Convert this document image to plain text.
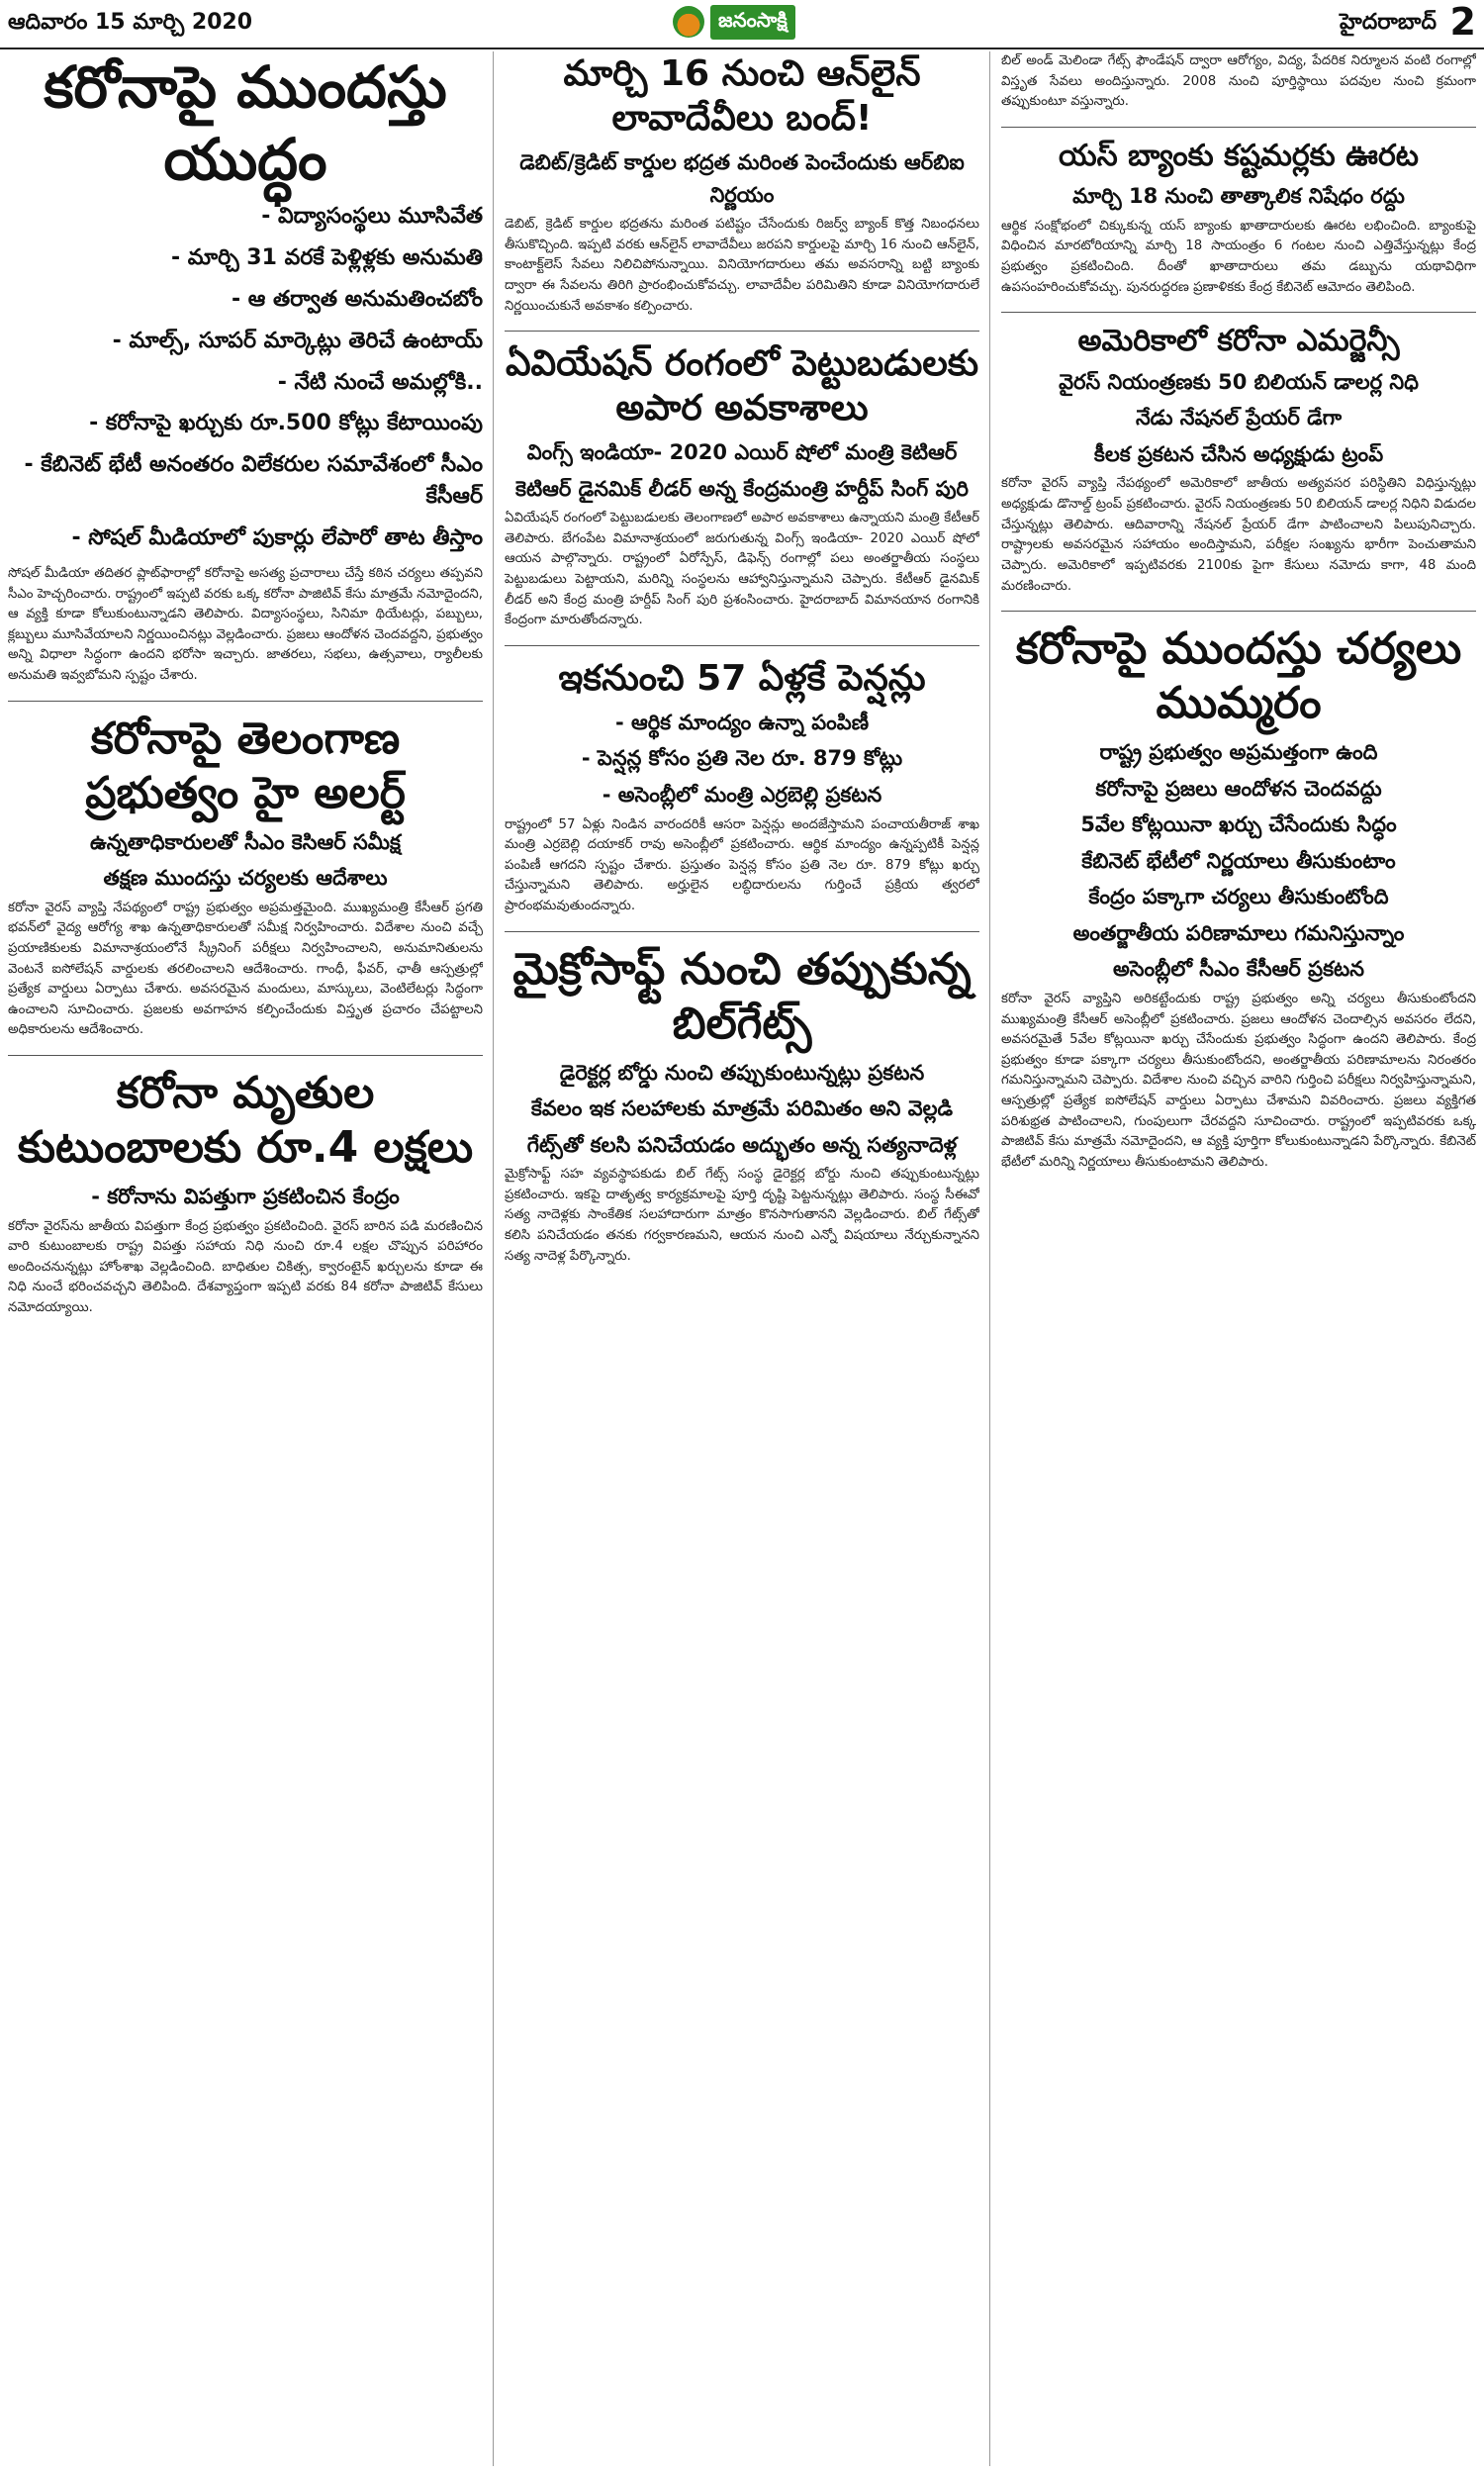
ఆదివారం 15 మార్చి 2020	జనంసాక్షి	హైదరాబాద్ 2
కరోనాపై ముందస్తు యుద్ధం

- విద్యాసంస్థలు మూసివేత

- మార్చి 31 వరకే పెళ్లిళ్లకు అనుమతి

- ఆ తర్వాత అనుమతించబోం

- మాల్స్, సూపర్ మార్కెట్లు తెరిచే ఉంటాయ్

- నేటి నుంచే అమల్లోకి..

- కరోనాపై ఖర్చుకు రూ.500 కోట్లు కేటాయింపు

- కేబినెట్ భేటీ అనంతరం విలేకరుల సమావేశంలో సీఎం కేసీఆర్

- సోషల్ మీడియాలో పుకార్లు లేపారో తాట తీస్తాం

సోషల్ మీడియా తదితర ప్లాట్‌ఫారాల్లో కరోనాపై అసత్య ప్రచారాలు చేస్తే కఠిన చర్యలు తప్పవని సీఎం హెచ్చరించారు. రాష్ట్రంలో ఇప్పటి వరకు ఒక్క కరోనా పాజిటివ్ కేసు మాత్రమే నమోదైందని, ఆ వ్యక్తి కూడా కోలుకుంటున్నాడని తెలిపారు. విద్యాసంస్థలు, సినిమా థియేటర్లు, పబ్బులు, క్లబ్బులు మూసివేయాలని నిర్ణయించినట్లు వెల్లడించారు. ప్రజలు ఆందోళన చెందవద్దని, ప్రభుత్వం అన్ని విధాలా సిద్ధంగా ఉందని భరోసా ఇచ్చారు. జాతరలు, సభలు, ఉత్సవాలు, ర్యాలీలకు అనుమతి ఇవ్వబోమని స్పష్టం చేశారు.

కరోనాపై తెలంగాణ ప్రభుత్వం హై అలర్ట్

ఉన్నతాధికారులతో సీఎం కెసిఆర్ సమీక్ష

తక్షణ ముందస్తు చర్యలకు ఆదేశాలు

కరోనా వైరస్ వ్యాప్తి నేపథ్యంలో రాష్ట్ర ప్రభుత్వం అప్రమత్తమైంది. ముఖ్యమంత్రి కేసీఆర్ ప్రగతి భవన్‌లో వైద్య ఆరోగ్య శాఖ ఉన్నతాధికారులతో సమీక్ష నిర్వహించారు. విదేశాల నుంచి వచ్చే ప్రయాణికులకు విమానాశ్రయంలోనే స్క్రీనింగ్ పరీక్షలు నిర్వహించాలని, అనుమానితులను వెంటనే ఐసోలేషన్ వార్డులకు తరలించాలని ఆదేశించారు. గాంధీ, ఫీవర్, ఛాతీ ఆస్పత్రుల్లో ప్రత్యేక వార్డులు ఏర్పాటు చేశారు. అవసరమైన మందులు, మాస్కులు, వెంటిలేటర్లు సిద్ధంగా ఉంచాలని సూచించారు. ప్రజలకు అవగాహన కల్పించేందుకు విస్తృత ప్రచారం చేపట్టాలని అధికారులను ఆదేశించారు.

కరోనా మృతుల కుటుంబాలకు రూ.4 లక్షలు

- కరోనాను విపత్తుగా ప్రకటించిన కేంద్రం

కరోనా వైరస్‌ను జాతీయ విపత్తుగా కేంద్ర ప్రభుత్వం ప్రకటించింది. వైరస్ బారిన పడి మరణించిన వారి కుటుంబాలకు రాష్ట్ర విపత్తు సహాయ నిధి నుంచి రూ.4 లక్షల చొప్పున పరిహారం అందించనున్నట్లు హోంశాఖ వెల్లడించింది. బాధితుల చికిత్స, క్వారంటైన్ ఖర్చులను కూడా ఈ నిధి నుంచే భరించవచ్చని తెలిపింది. దేశవ్యాప్తంగా ఇప్పటి వరకు 84 కరోనా పాజిటివ్ కేసులు నమోదయ్యాయి.

మార్చి 16 నుంచి ఆన్‌లైన్ లావాదేవీలు బంద్!

డెబిట్/క్రెడిట్ కార్డుల భద్రత మరింత పెంచేందుకు ఆర్‌బిఐ నిర్ణయం

డెబిట్, క్రెడిట్ కార్డుల భద్రతను మరింత పటిష్టం చేసేందుకు రిజర్వ్ బ్యాంక్ కొత్త నిబంధనలు తీసుకొచ్చింది. ఇప్పటి వరకు ఆన్‌లైన్ లావాదేవీలు జరపని కార్డులపై మార్చి 16 నుంచి ఆన్‌లైన్, కాంటాక్ట్‌లెస్ సేవలు నిలిచిపోనున్నాయి. వినియోగదారులు తమ అవసరాన్ని బట్టి బ్యాంకు ద్వారా ఈ సేవలను తిరిగి ప్రారంభించుకోవచ్చు. లావాదేవీల పరిమితిని కూడా వినియోగదారులే నిర్ణయించుకునే అవకాశం కల్పించారు.

ఏవియేషన్ రంగంలో పెట్టుబడులకు అపార అవకాశాలు

వింగ్స్ ఇండియా- 2020 ఎయిర్ షోలో మంత్రి కెటిఆర్

కెటిఆర్ డైనమిక్ లీడర్ అన్న కేంద్రమంత్రి హర్దీప్ సింగ్ పురి

ఏవియేషన్ రంగంలో పెట్టుబడులకు తెలంగాణలో అపార అవకాశాలు ఉన్నాయని మంత్రి కేటీఆర్ తెలిపారు. బేగంపేట విమానాశ్రయంలో జరుగుతున్న వింగ్స్ ఇండియా- 2020 ఎయిర్ షోలో ఆయన పాల్గొన్నారు. రాష్ట్రంలో ఏరోస్పేస్, డిఫెన్స్ రంగాల్లో పలు అంతర్జాతీయ సంస్థలు పెట్టుబడులు పెట్టాయని, మరిన్ని సంస్థలను ఆహ్వానిస్తున్నామని చెప్పారు. కేటీఆర్ డైనమిక్ లీడర్ అని కేంద్ర మంత్రి హర్దీప్ సింగ్ పురి ప్రశంసించారు. హైదరాబాద్ విమానయాన రంగానికి కేంద్రంగా మారుతోందన్నారు.

ఇకనుంచి 57 ఏళ్లకే పెన్షన్లు

- ఆర్థిక మాంద్యం ఉన్నా పంపిణీ

- పెన్షన్ల కోసం ప్రతి నెల రూ. 879 కోట్లు

- అసెంబ్లీలో మంత్రి ఎర్రబెల్లి ప్రకటన

రాష్ట్రంలో 57 ఏళ్లు నిండిన వారందరికీ ఆసరా పెన్షన్లు అందజేస్తామని పంచాయతీరాజ్ శాఖ మంత్రి ఎర్రబెల్లి దయాకర్ రావు అసెంబ్లీలో ప్రకటించారు. ఆర్థిక మాంద్యం ఉన్నప్పటికీ పెన్షన్ల పంపిణీ ఆగదని స్పష్టం చేశారు. ప్రస్తుతం పెన్షన్ల కోసం ప్రతి నెల రూ. 879 కోట్లు ఖర్చు చేస్తున్నామని తెలిపారు. అర్హులైన లబ్ధిదారులను గుర్తించే ప్రక్రియ త్వరలో ప్రారంభమవుతుందన్నారు.

మైక్రోసాఫ్ట్ నుంచి తప్పుకున్న బిల్‌గేట్స్

డైరెక్టర్ల బోర్డు నుంచి తప్పుకుంటున్నట్లు ప్రకటన

కేవలం ఇక సలహాలకు మాత్రమే పరిమితం అని వెల్లడి

గేట్స్‌తో కలసి పనిచేయడం అద్భుతం అన్న సత్యనాదెళ్ల

మైక్రోసాఫ్ట్ సహ వ్యవస్థాపకుడు బిల్ గేట్స్ సంస్థ డైరెక్టర్ల బోర్డు నుంచి తప్పుకుంటున్నట్లు ప్రకటించారు. ఇకపై దాతృత్వ కార్యక్రమాలపై పూర్తి దృష్టి పెట్టనున్నట్లు తెలిపారు. సంస్థ సీఈవో సత్య నాదెళ్లకు సాంకేతిక సలహాదారుగా మాత్రం కొనసాగుతానని వెల్లడించారు. బిల్ గేట్స్‌తో కలిసి పనిచేయడం తనకు గర్వకారణమని, ఆయన నుంచి ఎన్నో విషయాలు నేర్చుకున్నానని సత్య నాదెళ్ల పేర్కొన్నారు.

బిల్ అండ్ మెలిండా గేట్స్ ఫౌండేషన్ ద్వారా ఆరోగ్యం, విద్య, పేదరిక నిర్మూలన వంటి రంగాల్లో విస్తృత సేవలు అందిస్తున్నారు. 2008 నుంచి పూర్తిస్థాయి పదవుల నుంచి క్రమంగా తప్పుకుంటూ వస్తున్నారు.

యస్ బ్యాంకు కష్టమర్లకు ఊరట

మార్చి 18 నుంచి తాత్కాలిక నిషేధం రద్దు

ఆర్థిక సంక్షోభంలో చిక్కుకున్న యస్ బ్యాంకు ఖాతాదారులకు ఊరట లభించింది. బ్యాంకుపై విధించిన మారటోరియాన్ని మార్చి 18 సాయంత్రం 6 గంటల నుంచి ఎత్తివేస్తున్నట్లు కేంద్ర ప్రభుత్వం ప్రకటించింది. దీంతో ఖాతాదారులు తమ డబ్బును యథావిధిగా ఉపసంహరించుకోవచ్చు. పునరుద్ధరణ ప్రణాళికకు కేంద్ర కేబినెట్ ఆమోదం తెలిపింది.

అమెరికాలో కరోనా ఎమర్జెన్సీ

వైరస్ నియంత్రణకు 50 బిలియన్ డాలర్ల నిధి

నేడు నేషనల్ ప్రేయర్ డేగా

కీలక ప్రకటన చేసిన అధ్యక్షుడు ట్రంప్

కరోనా వైరస్ వ్యాప్తి నేపథ్యంలో అమెరికాలో జాతీయ అత్యవసర పరిస్థితిని విధిస్తున్నట్లు అధ్యక్షుడు డొనాల్డ్ ట్రంప్ ప్రకటించారు. వైరస్ నియంత్రణకు 50 బిలియన్ డాలర్ల నిధిని విడుదల చేస్తున్నట్లు తెలిపారు. ఆదివారాన్ని నేషనల్ ప్రేయర్ డేగా పాటించాలని పిలుపునిచ్చారు. రాష్ట్రాలకు అవసరమైన సహాయం అందిస్తామని, పరీక్షల సంఖ్యను భారీగా పెంచుతామని చెప్పారు. అమెరికాలో ఇప్పటివరకు 2100కు పైగా కేసులు నమోదు కాగా, 48 మంది మరణించారు.

కరోనాపై ముందస్తు చర్యలు ముమ్మరం

రాష్ట్ర ప్రభుత్వం అప్రమత్తంగా ఉంది

కరోనాపై ప్రజలు ఆందోళన చెందవద్దు

5వేల కోట్లయినా ఖర్చు చేసేందుకు సిద్ధం

కేబినెట్ భేటీలో నిర్ణయాలు తీసుకుంటాం

కేంద్రం పక్కాగా చర్యలు తీసుకుంటోంది

అంతర్జాతీయ పరిణామాలు గమనిస్తున్నాం

అసెంబ్లీలో సీఎం కేసీఆర్ ప్రకటన

కరోనా వైరస్ వ్యాప్తిని అరికట్టేందుకు రాష్ట్ర ప్రభుత్వం అన్ని చర్యలు తీసుకుంటోందని ముఖ్యమంత్రి కేసీఆర్ అసెంబ్లీలో ప్రకటించారు. ప్రజలు ఆందోళన చెందాల్సిన అవసరం లేదని, అవసరమైతే 5వేల కోట్లయినా ఖర్చు చేసేందుకు ప్రభుత్వం సిద్ధంగా ఉందని తెలిపారు. కేంద్ర ప్రభుత్వం కూడా పక్కాగా చర్యలు తీసుకుంటోందని, అంతర్జాతీయ పరిణామాలను నిరంతరం గమనిస్తున్నామని చెప్పారు. విదేశాల నుంచి వచ్చిన వారిని గుర్తించి పరీక్షలు నిర్వహిస్తున్నామని, ఆస్పత్రుల్లో ప్రత్యేక ఐసోలేషన్ వార్డులు ఏర్పాటు చేశామని వివరించారు. ప్రజలు వ్యక్తిగత పరిశుభ్రత పాటించాలని, గుంపులుగా చేరవద్దని సూచించారు. రాష్ట్రంలో ఇప్పటివరకు ఒక్క పాజిటివ్ కేసు మాత్రమే నమోదైందని, ఆ వ్యక్తి పూర్తిగా కోలుకుంటున్నాడని పేర్కొన్నారు. కేబినెట్ భేటీలో మరిన్ని నిర్ణయాలు తీసుకుంటామని తెలిపారు.
